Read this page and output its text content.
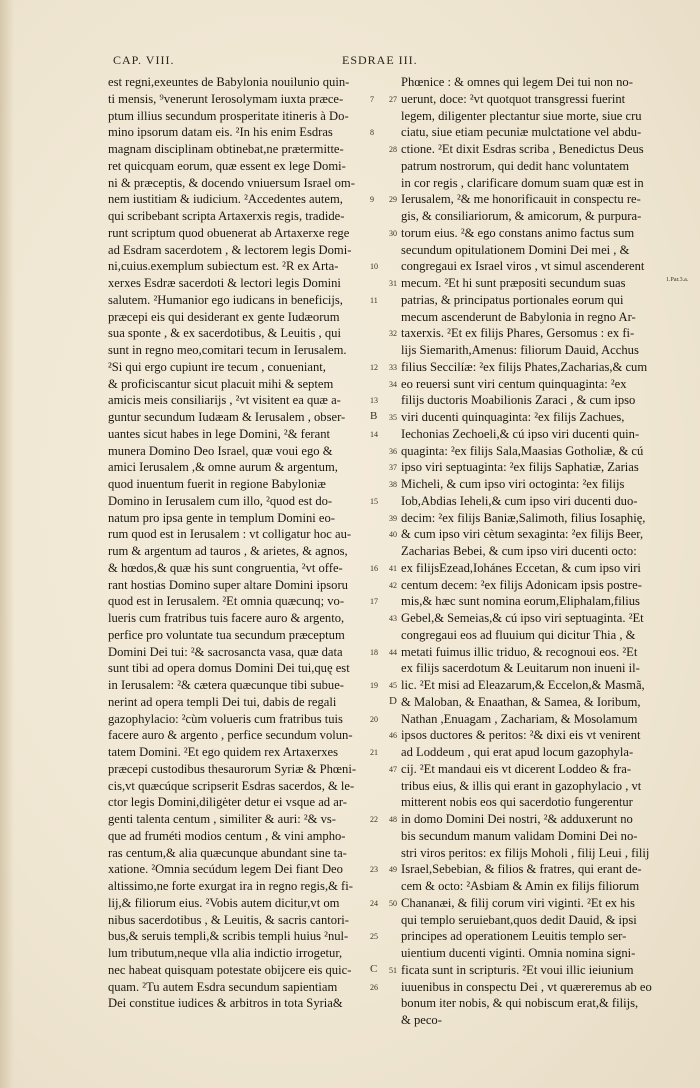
CAP. VIII.	ESDRAE III.
est regni,exeuntes de Babylonia nouilunio quin-
ti mensis, ⁹venerunt Ierosolymam iuxta præce-
ptum illius secundum prosperitate itineris à Do-
mino ipsorum datam eis. ²In his enim Esdras
magnam disciplinam obtinebat,ne prætermitte-
ret quicquam eorum, quæ essent ex lege Domi-
ni & præceptis, & docendo vniuersum Israel om-
nem iustitiam & iudicium. ²Accedentes autem,
qui scribebant scripta Artaxerxis regis, tradide-
runt scriptum quod obuenerat ab Artaxerxe rege
ad Esdram sacerdotem , & lectorem legis Domi-
ni,cuius.exemplum subiectum est. ²R ex Arta-
xerxes Esdræ sacerdoti & lectori legis Domini
salutem. ²Humanior ego iudicans in beneficijs,
præcepi eis qui desiderant ex gente Iudæorum
sua sponte , & ex sacerdotibus, & Leuitis , qui
sunt in regno meo,comitari tecum in Ierusalem.
²Si qui ergo cupiunt ire tecum , conueniant,
& proficiscantur sicut placuit mihi & septem
amicis meis consiliarijs , ²vt visitent ea quæ a-
guntur secundum Iudæam & Ierusalem , obser-
uantes sicut habes in lege Domini, ²& ferant
munera Domino Deo Israel, quæ voui ego &
amici Ierusalem ,& omne aurum & argentum,
quod inuentum fuerit in regione Babyloniæ
Domino in Ierusalem cum illo, ²quod est do-
natum pro ipsa gente in templum Domini eo-
rum quod est in Ierusalem : vt colligatur hoc au-
rum & argentum ad tauros , & arietes, & agnos,
& hœdos,& quæ his sunt congruentia, ²vt offe-
rant hostias Domino super altare Domini ipsoru
quod est in Ierusalem. ²Et omnia quæcunq; vo-
lueris cum fratribus tuis facere auro & argento,
perfice pro voluntate tua secundum præceptum
Domini Dei tui: ²& sacrosancta vasa, quæ data
sunt tibi ad opera domus Domini Dei tui,quę est
in Ierusalem: ²& cætera quæcunque tibi subue-
nerint ad opera templi Dei tui, dabis de regali
gazophylacio: ²cùm volueris cum fratribus tuis
facere auro & argento , perfice secundum volun-
tatem Domini. ²Et ego quidem rex Artaxerxes
præcepi custodibus thesaurorum Syriæ & Phœni-
cis,vt quæcúque scripserit Esdras sacerdos, & le-
ctor legis Domini,diligėter detur ei vsque ad ar-
genti talenta centum , similiter & auri: ²& vs-
que ad fruméti modios centum , & vini ampho-
ras centum,& alia quæcunque abundant sine ta-
xatione. ²Omnia secúdum legem Dei fiant Deo
altissimo,ne forte exurgat ira in regno regis,& fi-
lij,& filiorum eius. ²Vobis autem dicitur,vt om
nibus sacerdotibus , & Leuitis, & sacris cantori-
bus,& seruis templi,& scribis templi huius ²nul-
lum tributum,neque vlla alia indictio irrogetur,
nec habeat quisquam potestate obijcere eis quic-
quam. ²Tu autem Esdra secundum sapientiam
Dei constitue iudices & arbitros in tota Syria&
Phœnice : & omnes qui legem Dei tui non no-
uerunt, doce: ²vt quotquot transgressi fuerint
legem, diligenter plectantur siue morte, siue cru
ciatu, siue etiam pecuniæ mulctatione vel abdu-
ctione. ²Et dixit Esdras scriba , Benedictus Deus
patrum nostrorum, qui dedit hanc voluntatem
in cor regis , clarificare domum suam quæ est in
Ierusalem, ²& me honorificauit in conspectu re-
gis, & consiliariorum, & amicorum, & purpura-
torum eius. ²& ego constans animo factus sum
secundum opitulationem Domini Dei mei , &
congregaui ex Israel viros , vt simul ascenderent
mecum. ²Et hi sunt præpositi secundum suas
patrias, & principatus portionales eorum qui
mecum ascenderunt de Babylonia in regno Ar-
taxerxis. ²Et ex filijs Phares, Gersomus : ex fi-
lijs Siemarith,Amenus: filiorum Dauid, Acchus
filius Seccilíæ: ²ex filijs Phates,Zacharias,& cum
eo reuersi sunt viri centum quinquaginta: ²ex
filijs ductoris Moabilionis Zaraci , & cum ipso
viri ducenti quinquaginta: ²ex filijs Zachues,
Iechonias Zechoeli,& cú ipso viri ducenti quin-
quaginta: ²ex filijs Sala,Maasias Gotholiæ, & cú
ipso viri septuaginta: ²ex filijs Saphatiæ, Zarias
Micheli, & cum ipso viri octoginta: ²ex filijs
Iob,Abdias Ieheli,& cum ipso viri ducenti duo-
decim: ²ex filijs Baniæ,Salimoth, filius Iosaphię,
& cum ipso viri cètum sexaginta: ²ex filijs Beer,
Zacharias Bebei, & cum ipso viri ducenti octo:
ex filijsEzead,Iohánes Eccetan, & cum ipso viri
centum decem: ²ex filijs Adonicam ipsis postre-
mis,& hæc sunt nomina eorum,Eliphalam,filius
Gebel,& Semeias,& cú ipso viri septuaginta. ²Et
congregaui eos ad fluuium qui dicitur Thia , &
metati fuimus illic triduo, & recognoui eos. ²Et
ex filijs sacerdotum & Leuitarum non inueni il-
lic. ²Et misi ad Eleazarum,& Eccelon,& Masmã,
& Maloban, & Enaathan, & Samea, & Ioribum,
Nathan ,Enuagam , Zachariam, & Mosolamum
ipsos ductores & peritos: ²& dixi eis vt venirent
ad Loddeum , qui erat apud locum gazophyla-
cij. ²Et mandaui eis vt dicerent Loddeo & fra-
tribus eius, & illis qui erant in gazophylacio , vt
mitterent nobis eos qui sacerdotio fungerentur
in domo Domini Dei nostri, ²& adduxerunt no
bis secundum manum validam Domini Dei no-
stri viros peritos: ex filijs Moholi , filij Leui , filij
Israel,Sebebian, & filios & fratres, qui erant de-
cem & octo: ²Asbiam & Amin ex filijs filiorum
Chananæi, & filij corum viri viginti. ²Et ex his
qui templo seruiebant,quos dedit Dauid, & ipsi
principes ad operationem Leuitis templo ser-
uientium ducenti viginti. Omnia nomina signi-
ficata sunt in scripturis. ²Et voui illic ieiunium
iuuenibus in conspectu Dei , vt quæreremus ab eo
bonum iter nobis, & qui nobiscum erat,& filijs,
& peco-
7
8
9
10
11
12
13
B
14
15
16
17
18
19
20
21
22
23
24
25
C
26
27
28
29
30
31
32
33
34
35
36
37
38
39
40
41
42
43
44
45
D
46
47
48
49
50
51
1.Par.3.a.
